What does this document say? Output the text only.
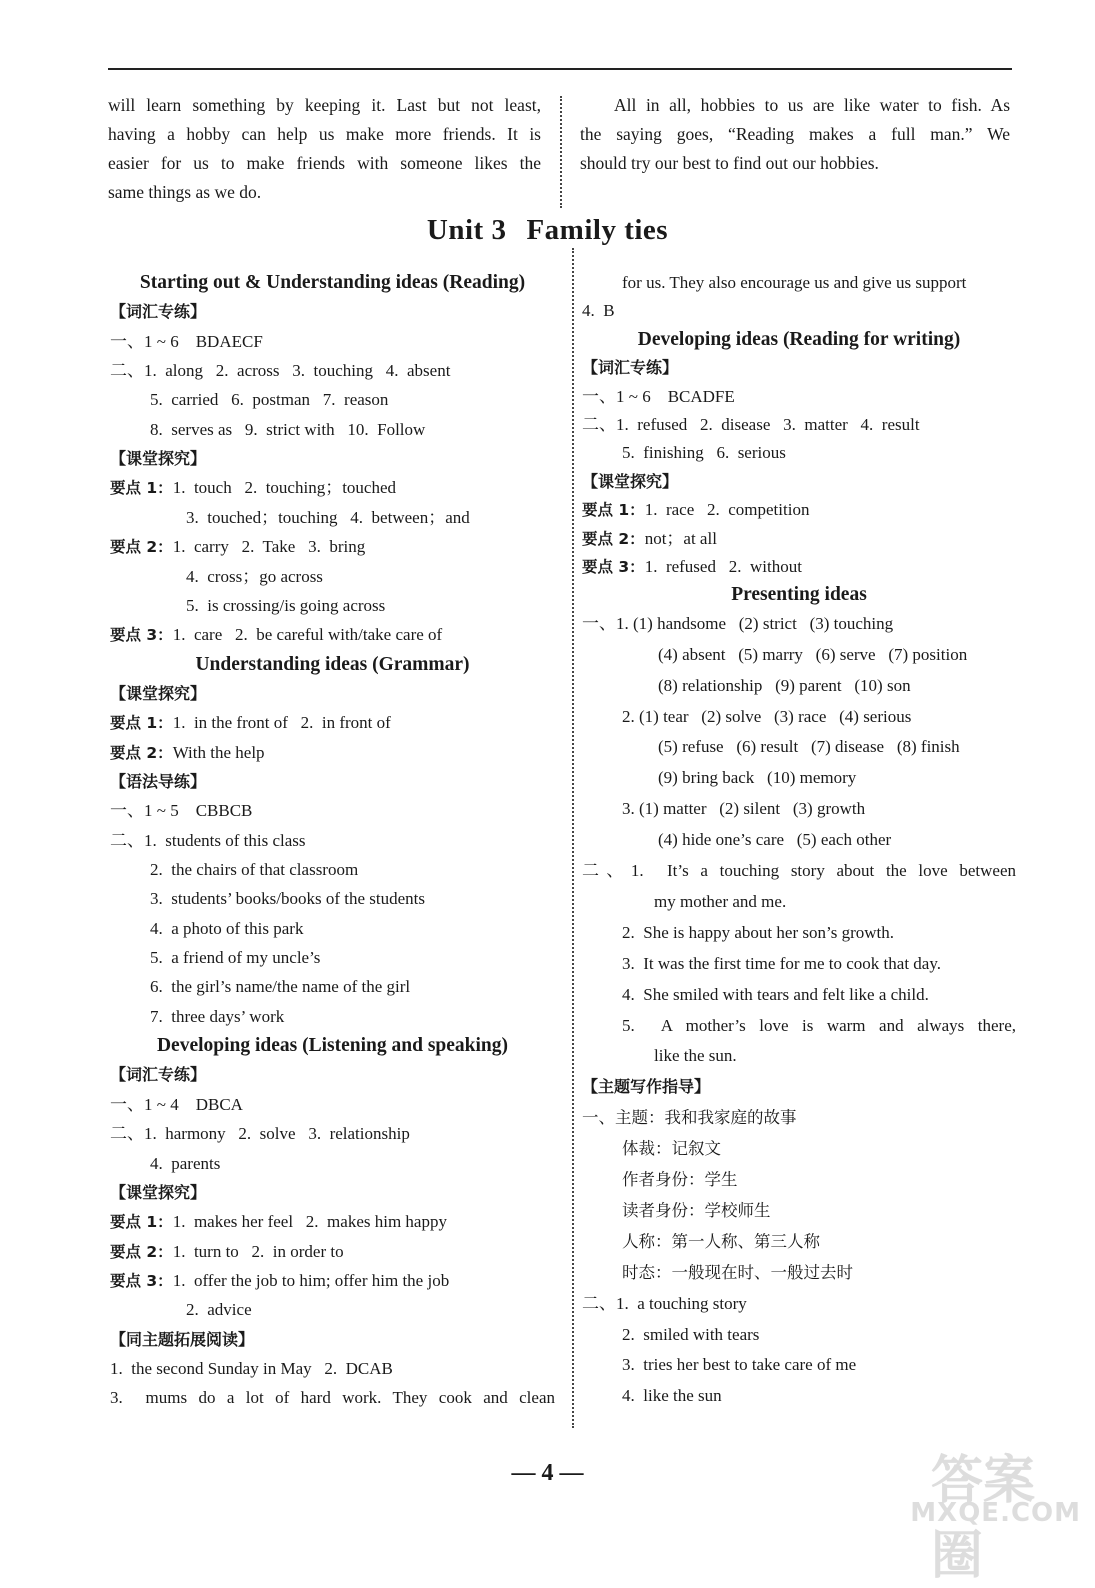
will learn something by keeping it. Last but not least,
having a hobby can help us make more friends. It is
easier for us to make friends with someone likes the
same things as we do.
All in all, hobbies to us are like water to fish. As
the saying goes, “Reading makes a full man.” We
should try our best to find out our hobbies.
Unit 3 Family ties
Starting out & Understanding ideas (Reading)
【词汇专练】
一、1 ~ 6　BDAECF
二、1.  along   2.  across   3.  touching   4.  absent
5.  carried   6.  postman   7.  reason
8.  serves as   9.  strict with   10.  Follow
【课堂探究】
要点 1：1.  touch   2.  touching；touched
3.  touched；touching   4.  between；and
要点 2：1.  carry   2.  Take   3.  bring
4.  cross；go across
5.  is crossing/is going across
要点 3：1.  care   2.  be careful with/take care of
Understanding ideas (Grammar)
【课堂探究】
要点 1：1.  in the front of   2.  in front of
要点 2：With the help
【语法导练】
一、1 ~ 5　CBBCB
二、1.  students of this class
2.  the chairs of that classroom
3.  students’ books/books of the students
4.  a photo of this park
5.  a friend of my uncle’s
6.  the girl’s name/the name of the girl
7.  three days’ work
Developing ideas (Listening and speaking)
【词汇专练】
一、1 ~ 4　DBCA
二、1.  harmony   2.  solve   3.  relationship
4.  parents
【课堂探究】
要点 1：1.  makes her feel   2.  makes him happy
要点 2：1.  turn to   2.  in order to
要点 3：1.  offer the job to him; offer him the job
2.  advice
【同主题拓展阅读】
1.  the second Sunday in May   2.  DCAB
3.  mums do a lot of hard work. They cook and clean
for us. They also encourage us and give us support
4.  B
Developing ideas (Reading for writing)
【词汇专练】
一、1 ~ 6　BCADFE
二、1.  refused   2.  disease   3.  matter   4.  result
5.  finishing   6.  serious
【课堂探究】
要点 1：1.  race   2.  competition
要点 2：not；at all
要点 3：1.  refused   2.  without
Presenting ideas
一、1. (1) handsome   (2) strict   (3) touching
(4) absent   (5) marry   (6) serve   (7) position
(8) relationship   (9) parent   (10) son
2. (1) tear   (2) solve   (3) race   (4) serious
(5) refuse   (6) result   (7) disease   (8) finish
(9) bring back   (10) memory
3. (1) matter   (2) silent   (3) growth
(4) hide one’s care   (5) each other
二、1.  It’s a touching story about the love between
my mother and me.
2.  She is happy about her son’s growth.
3.  It was the first time for me to cook that day.
4.  She smiled with tears and felt like a child.
5.  A mother’s love is warm and always there,
like the sun.
【主题写作指导】
一、主题：我和我家庭的故事
体裁：记叙文
作者身份：学生
读者身份：学校师生
人称：第一人称、第三人称
时态：一般现在时、一般过去时
二、1.  a touching story
2.  smiled with tears
3.  tries her best to take care of me
4.  like the sun
— 4 —	答案圈
MXQE.COM
